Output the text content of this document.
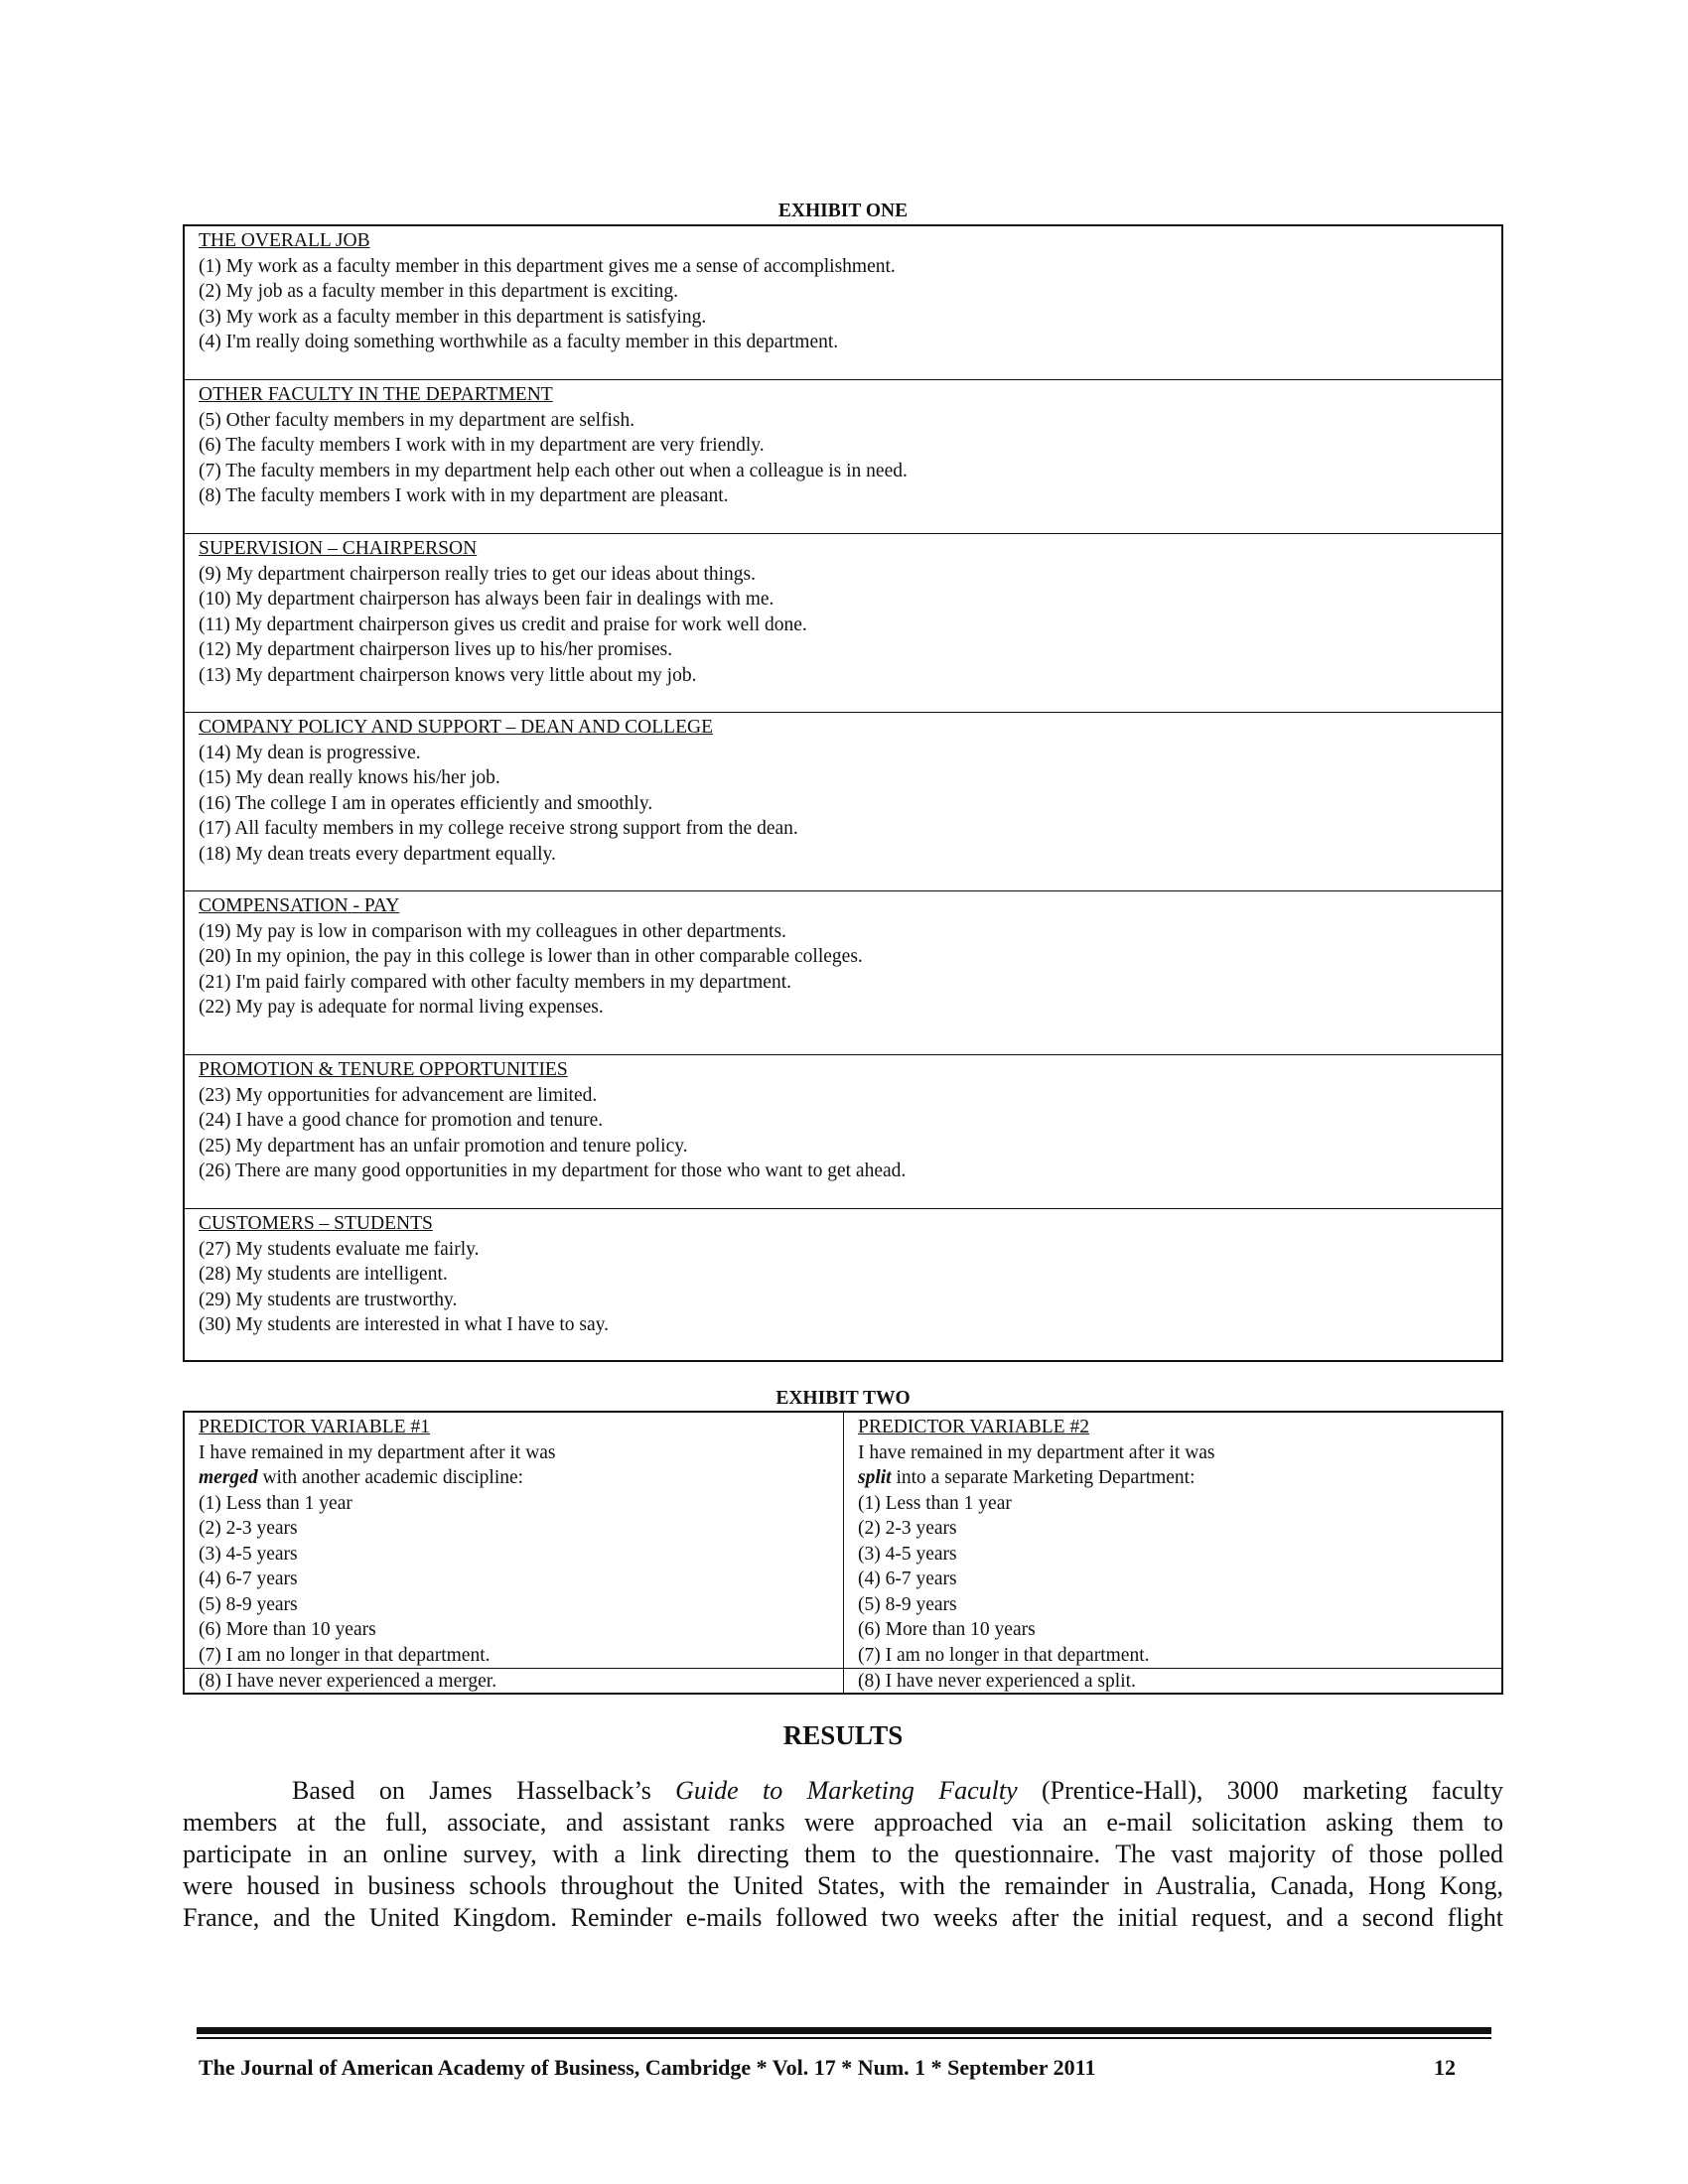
EXHIBIT ONE
THE OVERALL JOB
(1) My work as a faculty member in this department gives me a sense of accomplishment.
(2) My job as a faculty member in this department is exciting.
(3) My work as a faculty member in this department is satisfying.
(4) I'm really doing something worthwhile as a faculty member in this department.
OTHER FACULTY IN THE DEPARTMENT
(5) Other faculty members in my department are selfish.
(6) The faculty members I work with in my department are very friendly.
(7) The faculty members in my department help each other out when a colleague is in need.
(8) The faculty members I work with in my department are pleasant.
SUPERVISION – CHAIRPERSON
(9) My department chairperson really tries to get our ideas about things.
(10) My department chairperson has always been fair in dealings with me.
(11) My department chairperson gives us credit and praise for work well done.
(12) My department chairperson lives up to his/her promises.
(13) My department chairperson knows very little about my job.
COMPANY POLICY AND SUPPORT – DEAN AND COLLEGE
(14) My dean is progressive.
(15) My dean really knows his/her job.
(16) The college I am in operates efficiently and smoothly.
(17) All faculty members in my college receive strong support from the dean.
(18) My dean treats every department equally.
COMPENSATION - PAY
(19) My pay is low in comparison with my colleagues in other departments.
(20) In my opinion, the pay in this college is lower than in other comparable colleges.
(21) I'm paid fairly compared with other faculty members in my department.
(22) My pay is adequate for normal living expenses.
PROMOTION & TENURE OPPORTUNITIES
(23) My opportunities for advancement are limited.
(24) I have a good chance for promotion and tenure.
(25) My department has an unfair promotion and tenure policy.
(26) There are many good opportunities in my department for those who want to get ahead.
CUSTOMERS – STUDENTS
(27) My students evaluate me fairly.
(28) My students are intelligent.
(29) My students are trustworthy.
(30) My students are interested in what I have to say.
EXHIBIT TWO
PREDICTOR VARIABLE #1
I have remained in my department after it was
merged with another academic discipline:
(1) Less than 1 year
(2) 2-3 years
(3) 4-5 years
(4) 6-7 years
(5) 8-9 years
(6) More than 10 years
(7) I am no longer in that department.
(8) I have never experienced a merger.
PREDICTOR VARIABLE #2
I have remained in my department after it was
split into a separate Marketing Department:
(1) Less than 1 year
(2) 2-3 years
(3) 4-5 years
(4) 6-7 years
(5) 8-9 years
(6) More than 10 years
(7) I am no longer in that department.
(8) I have never experienced a split.
RESULTS
Based on James Hasselback’s Guide to Marketing Faculty (Prentice-Hall), 3000 marketing faculty
members at the full, associate, and assistant ranks were approached via an e-mail solicitation asking them to
participate in an online survey, with a link directing them to the questionnaire. The vast majority of those polled
were housed in business schools throughout the United States, with the remainder in Australia, Canada, Hong Kong,
France, and the United Kingdom. Reminder e-mails followed two weeks after the initial request, and a second flight
The Journal of American Academy of Business, Cambridge * Vol. 17 * Num. 1 * September 2011	12
